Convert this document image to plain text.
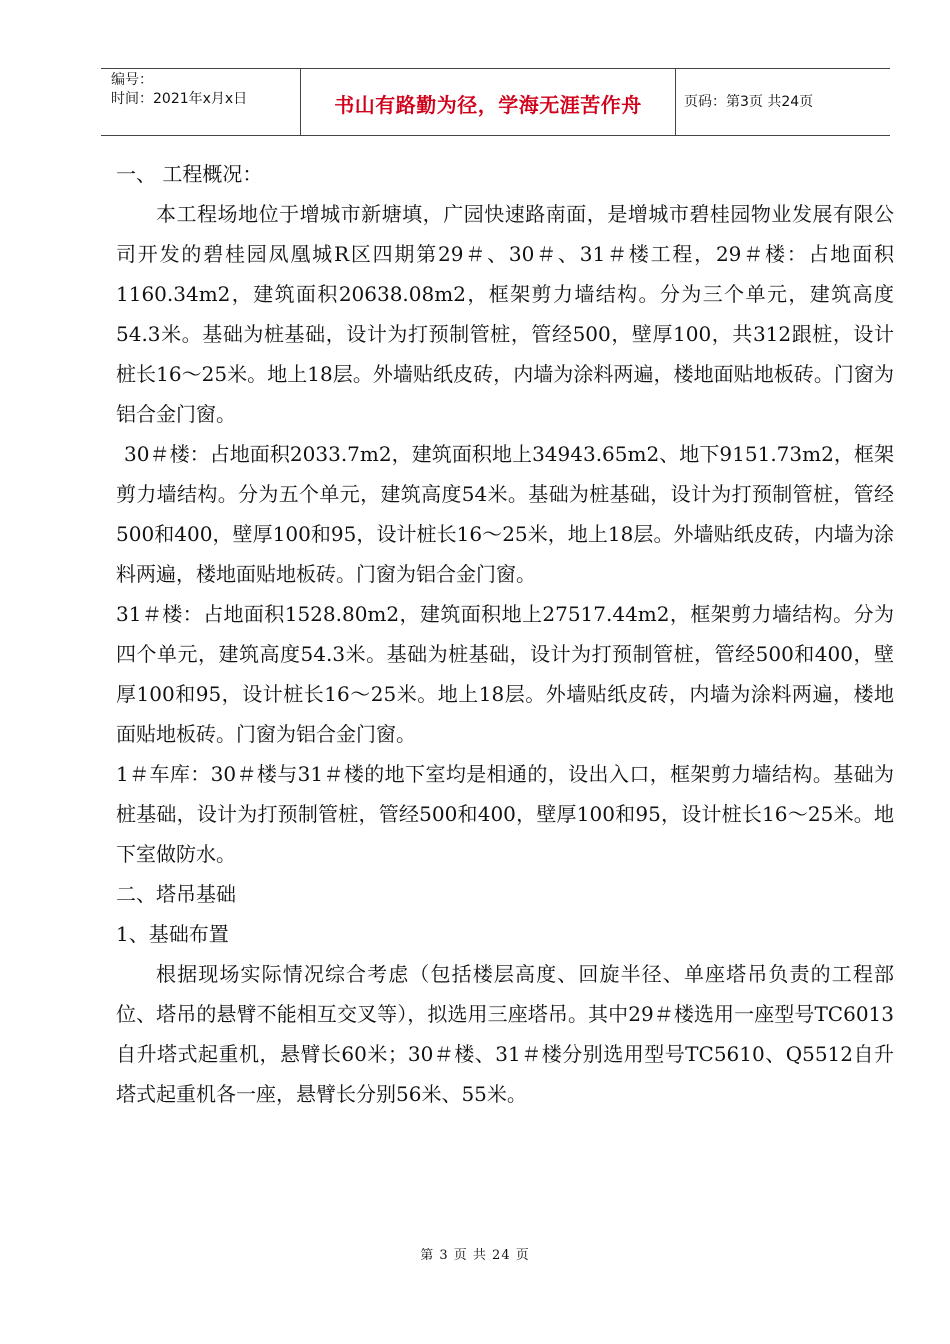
编号：
时间：2021年x月x日	书山有路勤为径，学海无涯苦作舟	页码：第3页 共24页

一、 工程概况：

本工程场地位于增城市新塘填，广园快速路南面，是增城市碧桂园物业发展有限公司开发的碧桂园凤凰城R区四期第29＃、30＃、31＃楼工程，29＃楼：占地面积1160.34m2，建筑面积20638.08m2，框架剪力墙结构。分为三个单元，建筑高度54.3米。基础为桩基础，设计为打预制管桩，管经500，壁厚100，共312跟桩，设计桩长16～25米。地上18层。外墙贴纸皮砖，内墙为涂料两遍，楼地面贴地板砖。门窗为铝合金门窗。

30＃楼：占地面积2033.7m2，建筑面积地上34943.65m2、地下9151.73m2，框架剪力墙结构。分为五个单元，建筑高度54米。基础为桩基础，设计为打预制管桩，管经500和400，壁厚100和95，设计桩长16～25米，地上18层。外墙贴纸皮砖，内墙为涂料两遍，楼地面贴地板砖。门窗为铝合金门窗。

31＃楼：占地面积1528.80m2，建筑面积地上27517.44m2，框架剪力墙结构。分为四个单元，建筑高度54.3米。基础为桩基础，设计为打预制管桩，管经500和400，壁厚100和95，设计桩长16～25米。地上18层。外墙贴纸皮砖，内墙为涂料两遍，楼地面贴地板砖。门窗为铝合金门窗。

1＃车库：30＃楼与31＃楼的地下室均是相通的，设出入口，框架剪力墙结构。基础为桩基础，设计为打预制管桩，管经500和400，壁厚100和95，设计桩长16～25米。地下室做防水。

二、塔吊基础

1、基础布置

根据现场实际情况综合考虑（包括楼层高度、回旋半径、单座塔吊负责的工程部位、塔吊的悬臂不能相互交叉等），拟选用三座塔吊。其中29＃楼选用一座型号TC6013自升塔式起重机，悬臂长60米；30＃楼、31＃楼分别选用型号TC5610、Q5512自升塔式起重机各一座，悬臂长分别56米、55米。

第 3 页 共 24 页
